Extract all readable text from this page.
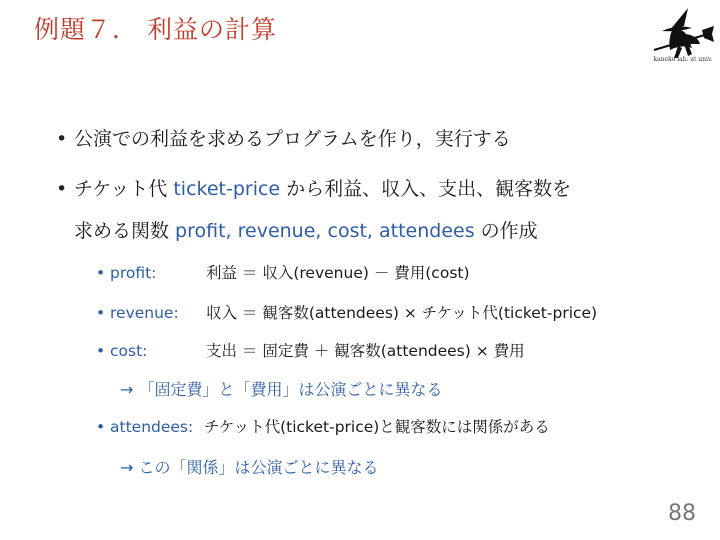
例題７． 利益の計算
kaneko lab. at univ.
• 公演での利益を求めるプログラムを作り，実行する
• チケット代 ticket-price から利益、収入、支出、観客数を
求める関数 profit, revenue, cost, attendees の作成
• profit:	利益 ＝ 収入(revenue) － 費用(cost)
• revenue: 収入 ＝ 観客数(attendees) × チケット代(ticket-price)
• cost:	支出 ＝ 固定費 ＋ 観客数(attendees) × 費用
→ 「固定費」と「費用」は公演ごとに異なる
• attendees: チケット代(ticket-price)と観客数には関係がある
→ この「関係」は公演ごとに異なる
88
